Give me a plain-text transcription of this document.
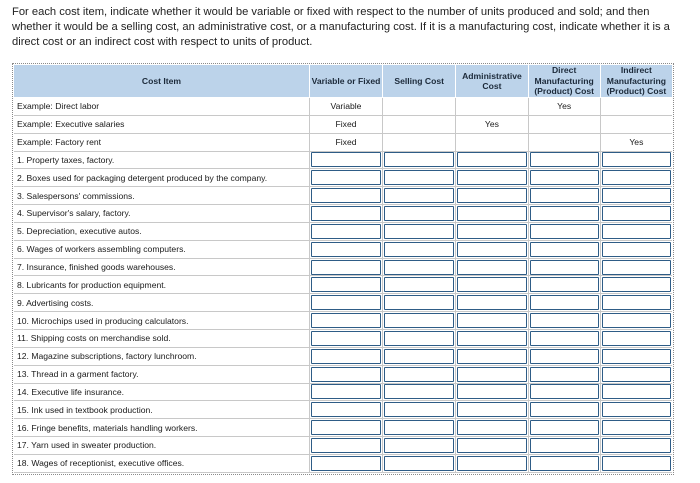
For each cost item, indicate whether it would be variable or fixed with respect to the number of units produced and sold; and then whether it would be a selling cost, an administrative cost, or a manufacturing cost. If it is a manufacturing cost, indicate whether it is a direct cost or an indirect cost with respect to units of product.
Cost Item	Variable or Fixed	Selling Cost	Administrative Cost	Direct Manufacturing (Product) Cost	Indirect Manufacturing (Product) Cost
Example: Direct labor	Variable			Yes	
Example: Executive salaries	Fixed		Yes		
Example: Factory rent	Fixed				Yes
1. Property taxes, factory.	

2. Boxes used for packaging detergent produced by the company.	

3. Salespersons' commissions.	

4. Supervisor's salary, factory.	

5. Depreciation, executive autos.	

6. Wages of workers assembling computers.	

7. Insurance, finished goods warehouses.	

8. Lubricants for production equipment.	

9. Advertising costs.	

10. Microchips used in producing calculators.	

11. Shipping costs on merchandise sold.	

12. Magazine subscriptions, factory lunchroom.	

13. Thread in a garment factory.	

14. Executive life insurance.	

15. Ink used in textbook production.	

16. Fringe benefits, materials handling workers.	

17. Yarn used in sweater production.	

18. Wages of receptionist, executive offices.	
